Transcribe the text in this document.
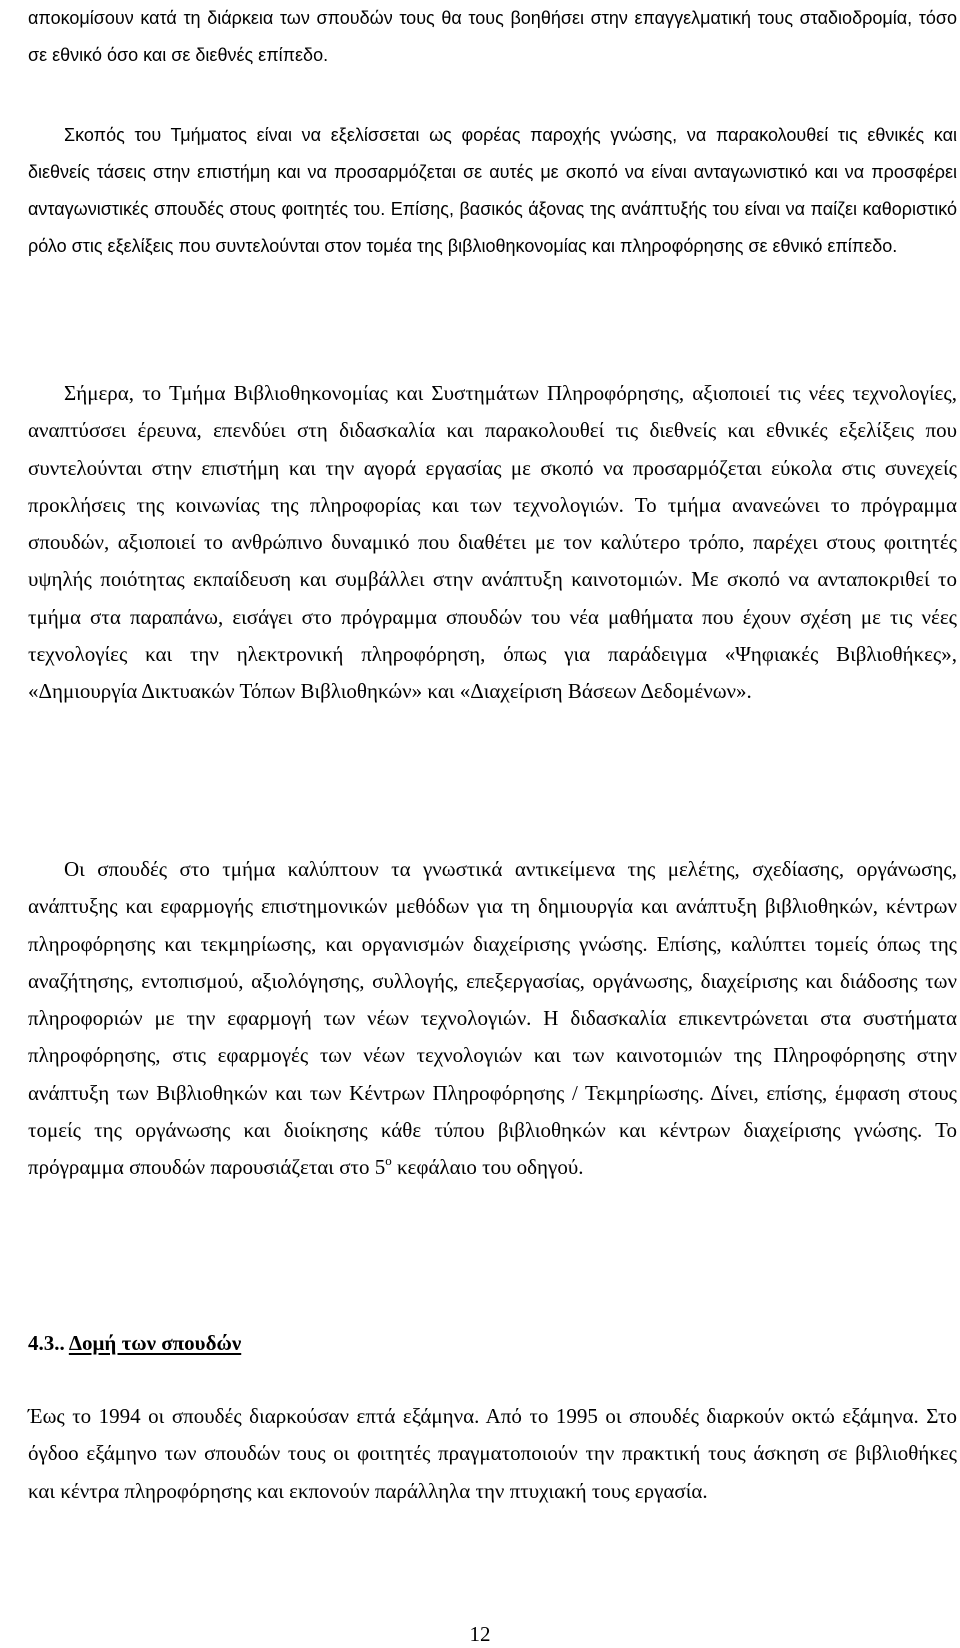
αποκομίσουν κατά τη διάρκεια των σπουδών τους θα τους βοηθήσει στην επαγγελματική τους σταδιοδρομία, τόσο σε εθνικό όσο και σε διεθνές επίπεδο.

Σκοπός του Τμήματος είναι να εξελίσσεται ως φορέας παροχής γνώσης, να παρακολουθεί τις εθνικές και διεθνείς τάσεις στην επιστήμη και να προσαρμόζεται σε αυτές με σκοπό να είναι ανταγωνιστικό και να προσφέρει ανταγωνιστικές σπουδές στους φοιτητές του. Επίσης, βασικός άξονας της ανάπτυξής του είναι να παίζει καθοριστικό ρόλο στις εξελίξεις που συντελούνται στον τομέα της βιβλιοθηκονομίας και πληροφόρησης σε εθνικό επίπεδο.

Σήμερα, το Τμήμα Βιβλιοθηκονομίας και Συστημάτων Πληροφόρησης, αξιοποιεί τις νέες τεχνολογίες, αναπτύσσει έρευνα, επενδύει στη διδασκαλία και παρακολουθεί τις διεθνείς και εθνικές εξελίξεις που συντελούνται στην επιστήμη και την αγορά εργασίας με σκοπό να προσαρμόζεται εύκολα στις συνεχείς προκλήσεις της κοινωνίας της πληροφορίας και των τεχνολογιών. Το τμήμα ανανεώνει το πρόγραμμα σπουδών, αξιοποιεί το ανθρώπινο δυναμικό που διαθέτει με τον καλύτερο τρόπο, παρέχει στους φοιτητές υψηλής ποιότητας εκπαίδευση και συμβάλλει στην ανάπτυξη καινοτομιών. Με σκοπό να ανταποκριθεί το τμήμα στα παραπάνω, εισάγει στο πρόγραμμα σπουδών του νέα μαθήματα που έχουν σχέση με τις νέες τεχνολογίες και την ηλεκτρονική πληροφόρηση, όπως για παράδειγμα «Ψηφιακές Βιβλιοθήκες», «Δημιουργία Δικτυακών Τόπων Βιβλιοθηκών» και «Διαχείριση Βάσεων Δεδομένων».

Οι σπουδές στο τμήμα καλύπτουν τα γνωστικά αντικείμενα της μελέτης, σχεδίασης, οργάνωσης, ανάπτυξης και εφαρμογής επιστημονικών μεθόδων για τη δημιουργία και ανάπτυξη βιβλιοθηκών, κέντρων πληροφόρησης και τεκμηρίωσης, και οργανισμών διαχείρισης γνώσης. Επίσης, καλύπτει τομείς όπως της αναζήτησης, εντοπισμού, αξιολόγησης, συλλογής, επεξεργασίας, οργάνωσης, διαχείρισης και διάδοσης των πληροφοριών με την εφαρμογή των νέων τεχνολογιών. Η διδασκαλία επικεντρώνεται στα συστήματα πληροφόρησης, στις εφαρμογές των νέων τεχνολογιών και των καινοτομιών της Πληροφόρησης στην ανάπτυξη των Βιβλιοθηκών και των Κέντρων Πληροφόρησης / Τεκμηρίωσης. Δίνει, επίσης, έμφαση στους τομείς της οργάνωσης και διοίκησης κάθε τύπου βιβλιοθηκών και κέντρων διαχείρισης γνώσης. Το πρόγραμμα σπουδών παρουσιάζεται στο $5^o$ κεφάλαιο του οδηγού.

4.3.. Δομή των σπουδών

Έως το 1994 οι σπουδές διαρκούσαν επτά εξάμηνα. Από το 1995 οι σπουδές διαρκούν οκτώ εξάμηνα. Στο όγδοο εξάμηνο των σπουδών τους οι φοιτητές πραγματοποιούν την πρακτική τους άσκηση σε βιβλιοθήκες και κέντρα πληροφόρησης και εκπονούν παράλληλα την πτυχιακή τους εργασία.

12
